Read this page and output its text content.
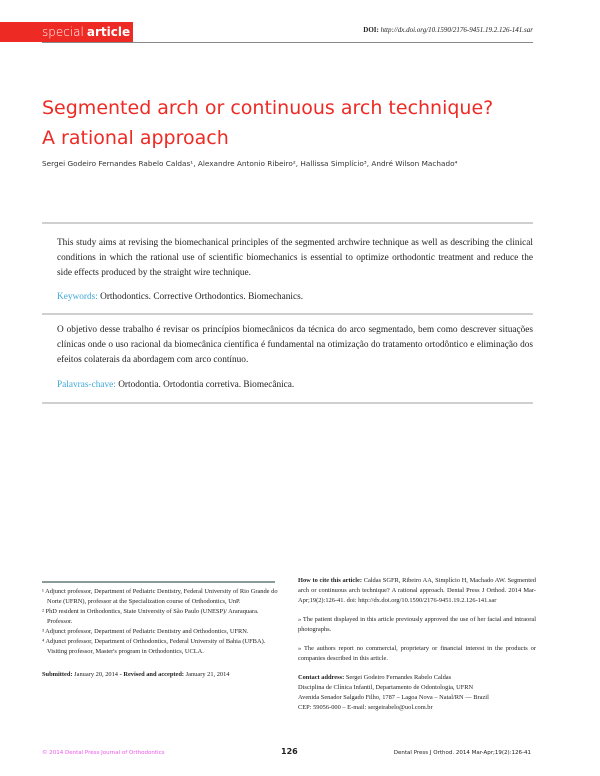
special article	DOI: http://dx.doi.org/10.1590/2176-9451.19.2.126-141.sar
Segmented arch or continuous arch technique?
A rational approach
Sergei Godeiro Fernandes Rabelo Caldas¹, Alexandre Antonio Ribeiro², Hallissa Simplício³, André Wilson Machado⁴
This study aims at revising the biomechanical principles of the segmented archwire technique as well as describing the clinical conditions in which the rational use of scientific biomechanics is essential to optimize orthodontic treatment and reduce the side effects produced by the straight wire technique.
Keywords: Orthodontics. Corrective Orthodontics. Biomechanics.
O objetivo desse trabalho é revisar os princípios biomecânicos da técnica do arco segmentado, bem como descrever situações clínicas onde o uso racional da biomecânica científica é fundamental na otimização do tratamento ortodôntico e eliminação dos efeitos colaterais da abordagem com arco contínuo.
Palavras-chave: Ortodontia. Ortodontia corretiva. Biomecânica.
¹ Adjunct professor, Department of Pediatric Dentistry, Federal University of Rio Grande do Norte (UFRN), professor at the Specialization course of Orthodontics, UnP.
² PhD resident in Orthodontics, State University of São Paulo (UNESP)/ Araraquara. Professor.
³ Adjunct professor, Department of Pediatric Dentistry and Orthodontics, UFRN.
⁴ Adjunct professor, Department of Orthodontics, Federal University of Bahia (UFBA). Visiting professor, Master's program in Orthodontics, UCLA.
Submitted: January 20, 2014 - Revised and accepted: January 21, 2014

How to cite this article: Caldas SGFR, Ribeiro AA, Simplício H, Machado AW. Segmented arch or continuous arch technique? A rational approach. Dental Press J Orthod. 2014 Mar-Apr;19(2):126-41. doi: http://dx.doi.org/10.1590/2176-9451.19.2.126-141.sar

» The patient displayed in this article previously approved the use of her facial and intraoral photographs.

» The authors report no commercial, proprietary or financial interest in the products or companies described in this article.

Contact address: Sergei Godeiro Fernandes Rabelo Caldas
Disciplina de Clínica Infantil, Departamento de Odontologia, UFRN
Avenida Senador Salgado Filho, 1787 – Lagoa Nova – Natal/RN — Brazil
CEP: 59056-000 – E-mail: sergeirabelo@uol.com.br

© 2014 Dental Press Journal of Orthodontics	126	Dental Press J Orthod. 2014 Mar-Apr;19(2):126-41
